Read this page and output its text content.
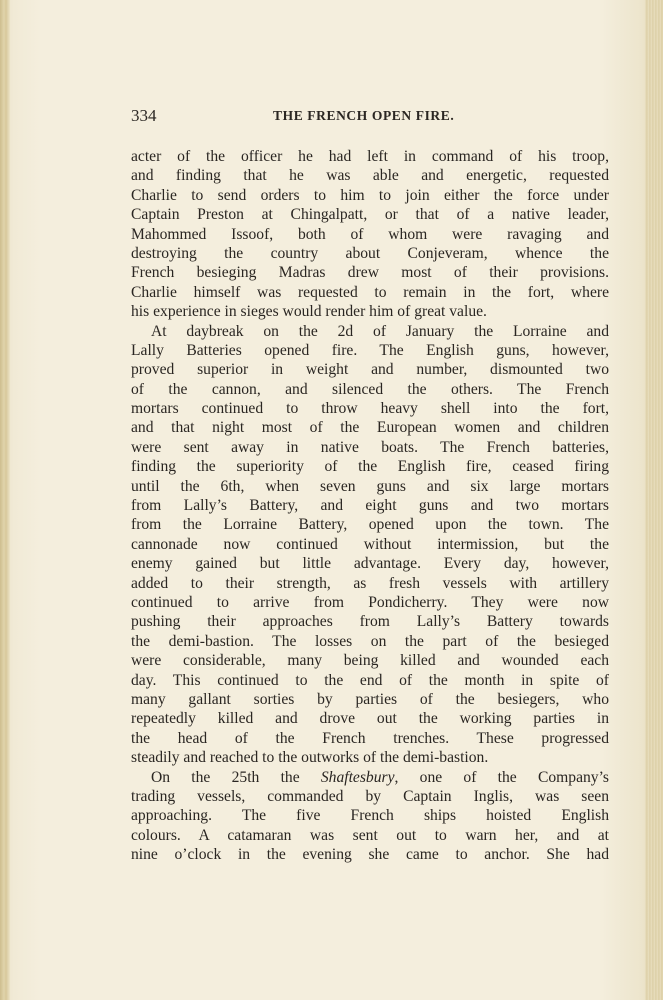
334	THE FRENCH OPEN FIRE.
acter of the officer he had left in command of his troop,
and finding that he was able and energetic, requested
Charlie to send orders to him to join either the force under
Captain Preston at Chingalpatt, or that of a native leader,
Mahommed Issoof, both of whom were ravaging and
destroying the country about Conjeveram, whence the
French besieging Madras drew most of their provisions.
Charlie himself was requested to remain in the fort, where
his experience in sieges would render him of great value.
At daybreak on the 2d of January the Lorraine and
Lally Batteries opened fire. The English guns, however,
proved superior in weight and number, dismounted two
of the cannon, and silenced the others. The French
mortars continued to throw heavy shell into the fort,
and that night most of the European women and children
were sent away in native boats. The French batteries,
finding the superiority of the English fire, ceased firing
until the 6th, when seven guns and six large mortars
from Lally’s Battery, and eight guns and two mortars
from the Lorraine Battery, opened upon the town. The
cannonade now continued without intermission, but the
enemy gained but little advantage. Every day, however,
added to their strength, as fresh vessels with artillery
continued to arrive from Pondicherry. They were now
pushing their approaches from Lally’s Battery towards
the demi-bastion. The losses on the part of the besieged
were considerable, many being killed and wounded each
day. This continued to the end of the month in spite of
many gallant sorties by parties of the besiegers, who
repeatedly killed and drove out the working parties in
the head of the French trenches. These progressed
steadily and reached to the outworks of the demi-bastion.
On the 25th the Shaftesbury, one of the Company’s
trading vessels, commanded by Captain Inglis, was seen
approaching. The five French ships hoisted English
colours. A catamaran was sent out to warn her, and at
nine o’clock in the evening she came to anchor. She had
